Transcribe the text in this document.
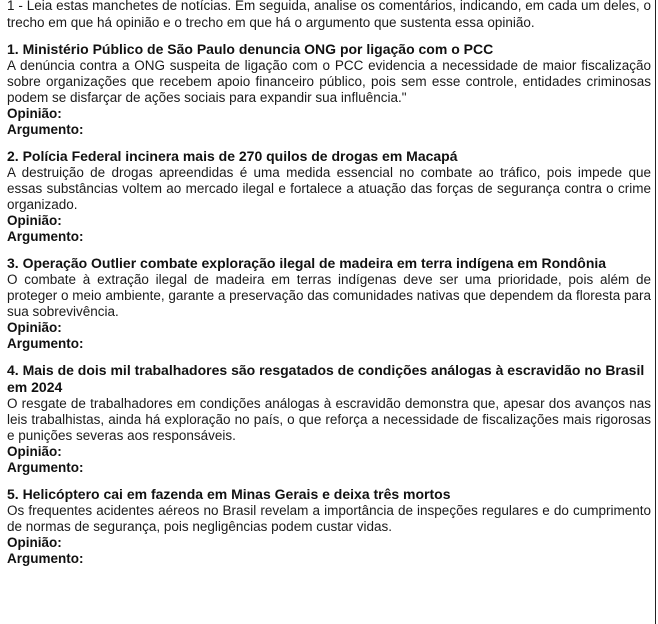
1 - Leia estas manchetes de notícias. Em seguida, analise os comentários, indicando, em cada um deles, o trecho em que há opinião e o trecho em que há o argumento que sustenta essa opinião.

1. Ministério Público de São Paulo denuncia ONG por ligação com o PCC

A denúncia contra a ONG suspeita de ligação com o PCC evidencia a necessidade de maior fiscalização sobre organizações que recebem apoio financeiro público, pois sem esse controle, entidades criminosas podem se disfarçar de ações sociais para expandir sua influência."

Opinião:

Argumento:

2. Polícia Federal incinera mais de 270 quilos de drogas em Macapá

A destruição de drogas apreendidas é uma medida essencial no combate ao tráfico, pois impede que essas substâncias voltem ao mercado ilegal e fortalece a atuação das forças de segurança contra o crime organizado.

Opinião:

Argumento:

3. Operação Outlier combate exploração ilegal de madeira em terra indígena em Rondônia

O combate à extração ilegal de madeira em terras indígenas deve ser uma prioridade, pois além de proteger o meio ambiente, garante a preservação das comunidades nativas que dependem da floresta para sua sobrevivência.

Opinião:

Argumento:

4. Mais de dois mil trabalhadores são resgatados de condições análogas à escravidão no Brasil em 2024

O resgate de trabalhadores em condições análogas à escravidão demonstra que, apesar dos avanços nas leis trabalhistas, ainda há exploração no país, o que reforça a necessidade de fiscalizações mais rigorosas e punições severas aos responsáveis.

Opinião:

Argumento:

5. Helicóptero cai em fazenda em Minas Gerais e deixa três mortos

Os frequentes acidentes aéreos no Brasil revelam a importância de inspeções regulares e do cumprimento de normas de segurança, pois negligências podem custar vidas.

Opinião:

Argumento:
